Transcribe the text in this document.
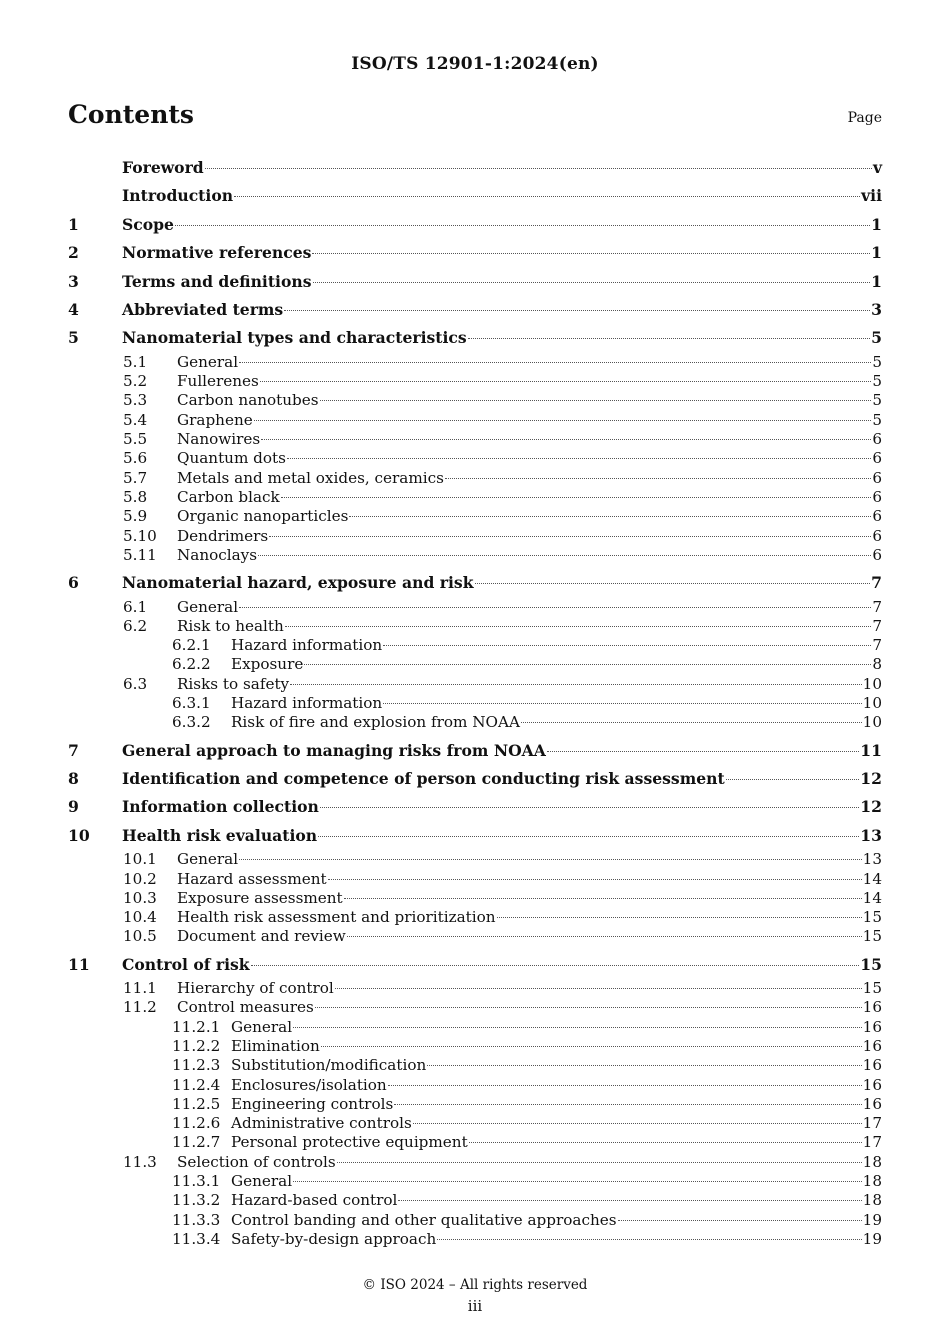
ISO/TS 12901-1:2024(en)
Contents	Page
Foreword	v
Introduction	vii
1	Scope	1
2	Normative references	1
3	Terms and definitions	1
4	Abbreviated terms	3
5	Nanomaterial types and characteristics	5
5.1	General	5
5.2	Fullerenes	5
5.3	Carbon nanotubes	5
5.4	Graphene	5
5.5	Nanowires	6
5.6	Quantum dots	6
5.7	Metals and metal oxides, ceramics	6
5.8	Carbon black	6
5.9	Organic nanoparticles	6
5.10	Dendrimers	6
5.11	Nanoclays	6
6	Nanomaterial hazard, exposure and risk	7
6.1	General	7
6.2	Risk to health	7
6.2.1	Hazard information	7
6.2.2	Exposure	8
6.3	Risks to safety	10
6.3.1	Hazard information	10
6.3.2	Risk of fire and explosion from NOAA	10
7	General approach to managing risks from NOAA	11
8	Identification and competence of person conducting risk assessment	12
9	Information collection	12
10	Health risk evaluation	13
10.1	General	13
10.2	Hazard assessment	14
10.3	Exposure assessment	14
10.4	Health risk assessment and prioritization	15
10.5	Document and review	15
11	Control of risk	15
11.1	Hierarchy of control	15
11.2	Control measures	16
11.2.1 General	16
11.2.2 Elimination	16
11.2.3 Substitution/modification	16
11.2.4 Enclosures/isolation	16
11.2.5 Engineering controls	16
11.2.6 Administrative controls	17
11.2.7 Personal protective equipment	17
11.3	Selection of controls	18
11.3.1 General	18
11.3.2 Hazard-based control	18
11.3.3 Control banding and other qualitative approaches	19
11.3.4 Safety-by-design approach	19
© ISO 2024 – All rights reserved
iii
